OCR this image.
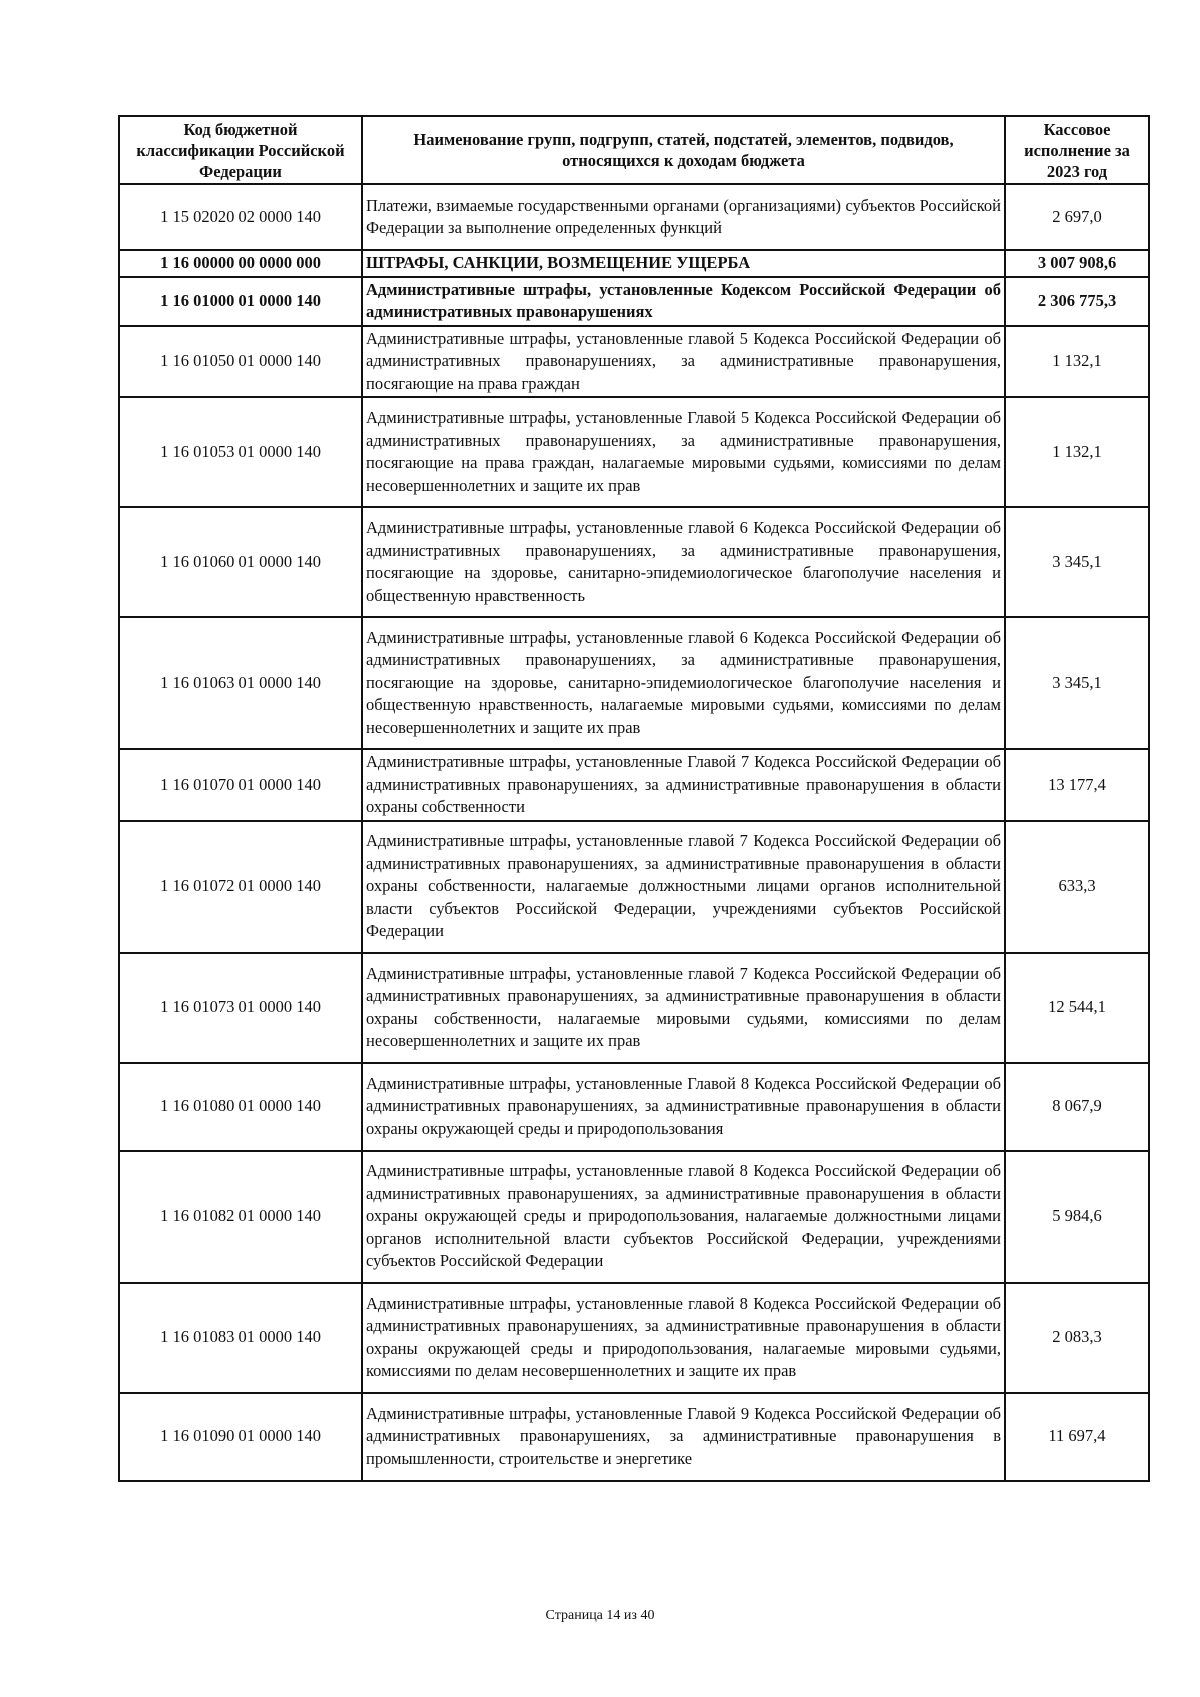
Код бюджетной классификации Российской Федерации	Наименование групп, подгрупп, статей, подстатей, элементов, подвидов, относящихся к доходам бюджета	Кассовое исполнение за 2023 год
1 15 02020 02 0000 140	Платежи, взимаемые государственными органами (организациями) субъектов Российской Федерации за выполнение определенных функций	2 697,0
1 16 00000 00 0000 000	ШТРАФЫ, САНКЦИИ, ВОЗМЕЩЕНИЕ УЩЕРБА	3 007 908,6
1 16 01000 01 0000 140	Административные штрафы, установленные Кодексом Российской Федерации об административных правонарушениях	2 306 775,3
1 16 01050 01 0000 140	Административные штрафы, установленные главой 5 Кодекса Российской Федерации об административных правонарушениях, за административные правонарушения, посягающие на права граждан	1 132,1
1 16 01053 01 0000 140	Административные штрафы, установленные Главой 5 Кодекса Российской Федерации об административных правонарушениях, за административные правонарушения, посягающие на права граждан, налагаемые мировыми судьями, комиссиями по делам несовершеннолетних и защите их прав	1 132,1
1 16 01060 01 0000 140	Административные штрафы, установленные главой 6 Кодекса Российской Федерации об административных правонарушениях, за административные правонарушения, посягающие на здоровье, санитарно-эпидемиологическое благополучие населения и общественную нравственность	3 345,1
1 16 01063 01 0000 140	Административные штрафы, установленные главой 6 Кодекса Российской Федерации об административных правонарушениях, за административные правонарушения, посягающие на здоровье, санитарно-эпидемиологическое благополучие населения и общественную нравственность, налагаемые мировыми судьями, комиссиями по делам несовершеннолетних и защите их прав	3 345,1
1 16 01070 01 0000 140	Административные штрафы, установленные Главой 7 Кодекса Российской Федерации об административных правонарушениях, за административные правонарушения в области охраны собственности	13 177,4
1 16 01072 01 0000 140	Административные штрафы, установленные главой 7 Кодекса Российской Федерации об административных правонарушениях, за административные правонарушения в области охраны собственности, налагаемые должностными лицами органов исполнительной власти субъектов Российской Федерации, учреждениями субъектов Российской Федерации	633,3
1 16 01073 01 0000 140	Административные штрафы, установленные главой 7 Кодекса Российской Федерации об административных правонарушениях, за административные правонарушения в области охраны собственности, налагаемые мировыми судьями, комиссиями по делам несовершеннолетних и защите их прав	12 544,1
1 16 01080 01 0000 140	Административные штрафы, установленные Главой 8 Кодекса Российской Федерации об административных правонарушениях, за административные правонарушения в области охраны окружающей среды и природопользования	8 067,9
1 16 01082 01 0000 140	Административные штрафы, установленные главой 8 Кодекса Российской Федерации об административных правонарушениях, за административные правонарушения в области охраны окружающей среды и природопользования, налагаемые должностными лицами органов исполнительной власти субъектов Российской Федерации, учреждениями субъектов Российской Федерации	5 984,6
1 16 01083 01 0000 140	Административные штрафы, установленные главой 8 Кодекса Российской Федерации об административных правонарушениях, за административные правонарушения в области охраны окружающей среды и природопользования, налагаемые мировыми судьями, комиссиями по делам несовершеннолетних и защите их прав	2 083,3
1 16 01090 01 0000 140	Административные штрафы, установленные Главой 9 Кодекса Российской Федерации об административных правонарушениях, за административные правонарушения в промышленности, строительстве и энергетике	11 697,4
Страница 14 из 40
